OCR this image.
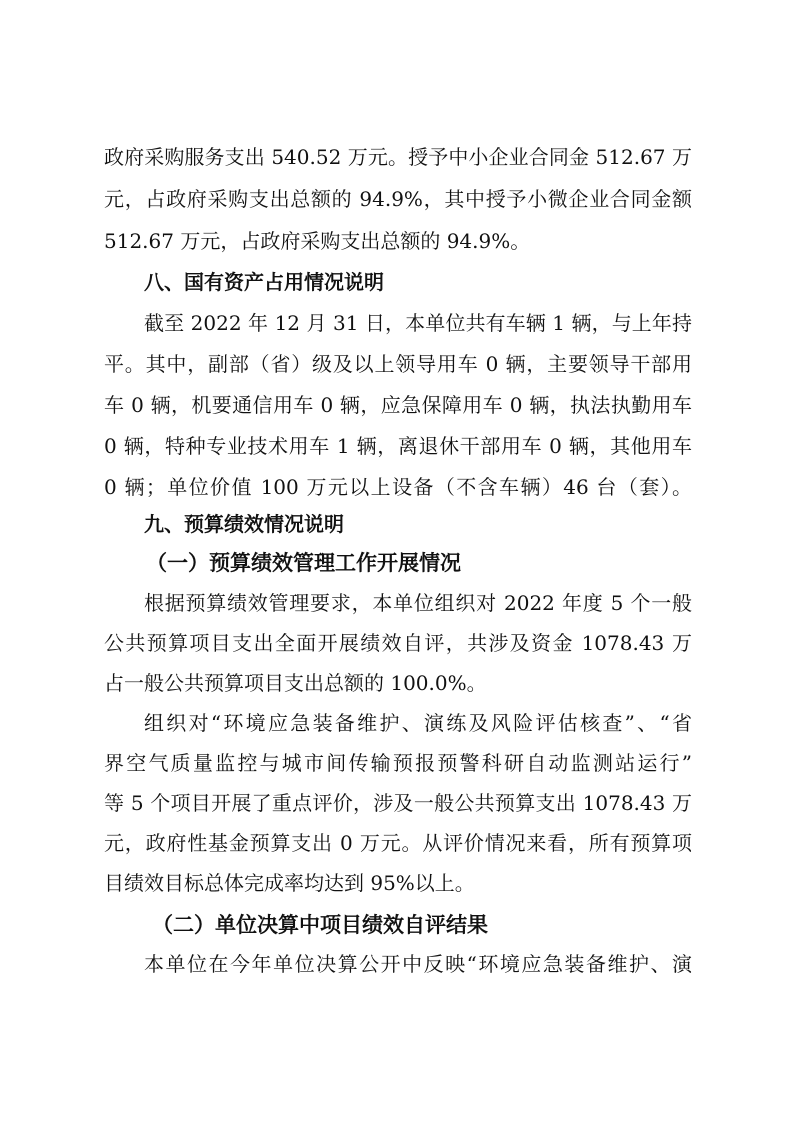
政府采购服务支出 540.52 万元。授予中小企业合同金 512.67 万
元，占政府采购支出总额的 94.9%，其中授予小微企业合同金额
512.67 万元，占政府采购支出总额的 94.9%。
八、国有资产占用情况说明
截至 2022 年 12 月 31 日，本单位共有车辆 1 辆，与上年持
平。其中，副部（省）级及以上领导用车 0 辆，主要领导干部用
车 0 辆，机要通信用车 0 辆，应急保障用车 0 辆，执法执勤用车
0 辆，特种专业技术用车 1 辆，离退休干部用车 0 辆，其他用车
0 辆；单位价值 100 万元以上设备（不含车辆）46 台（套）。
九、预算绩效情况说明
（一）预算绩效管理工作开展情况
根据预算绩效管理要求，本单位组织对 2022 年度 5 个一般
公共预算项目支出全面开展绩效自评，共涉及资金 1078.43 万
占一般公共预算项目支出总额的 100.0%。
组织对“环境应急装备维护、演练及风险评估核查”、“省
界空气质量监控与城市间传输预报预警科研自动监测站运行”
等 5 个项目开展了重点评价，涉及一般公共预算支出 1078.43 万
元，政府性基金预算支出 0 万元。从评价情况来看，所有预算项
目绩效目标总体完成率均达到 95%以上。
（二）单位决算中项目绩效自评结果
本单位在今年单位决算公开中反映“环境应急装备维护、演
